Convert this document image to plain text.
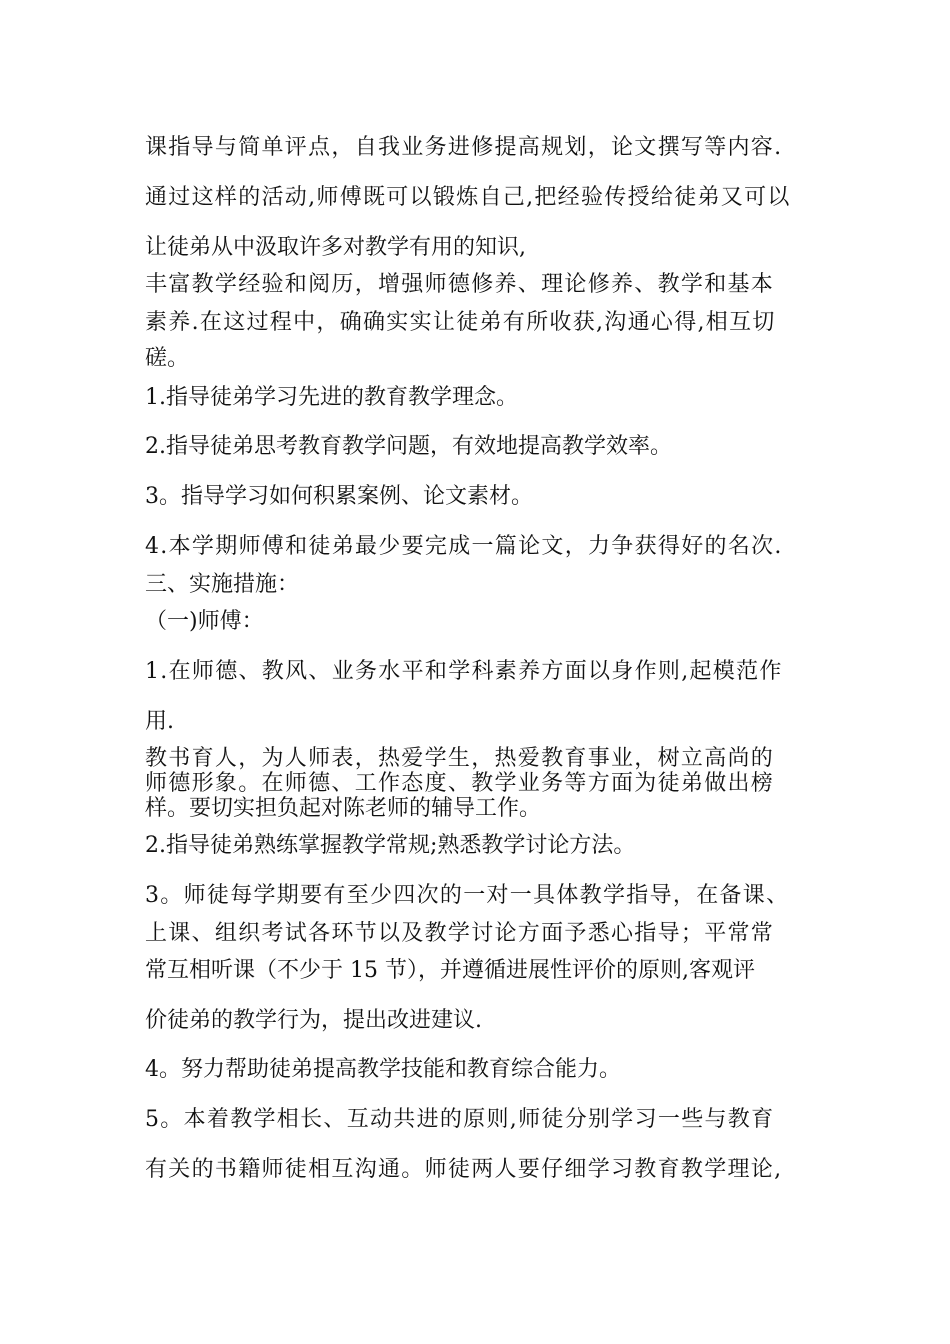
课指导与简单评点，自我业务进修提高规划，论文撰写等内容.
通过这样的活动,师傅既可以锻炼自己,把经验传授给徒弟又可以
让徒弟从中汲取许多对教学有用的知识,
丰富教学经验和阅历，增强师德修养、理论修养、教学和基本
素养.在这过程中，确确实实让徒弟有所收获,沟通心得,相互切
磋。
1.指导徒弟学习先进的教育教学理念。
2.指导徒弟思考教育教学问题，有效地提高教学效率。
3。指导学习如何积累案例、论文素材。
4.本学期师傅和徒弟最少要完成一篇论文，力争获得好的名次.
三、实施措施：
（一)师傅：
1.在师德、教风、业务水平和学科素养方面以身作则,起模范作
用.
教书育人，为人师表，热爱学生，热爱教育事业，树立高尚的
师德形象。在师德、工作态度、教学业务等方面为徒弟做出榜
样。要切实担负起对陈老师的辅导工作。
2.指导徒弟熟练掌握教学常规;熟悉教学讨论方法。
3。师徒每学期要有至少四次的一对一具体教学指导，在备课、
上课、组织考试各环节以及教学讨论方面予悉心指导；平常常
常互相听课（不少于 15 节），并遵循进展性评价的原则,客观评
价徒弟的教学行为，提出改进建议.
4。努力帮助徒弟提高教学技能和教育综合能力。
5。本着教学相长、互动共进的原则,师徒分别学习一些与教育
有关的书籍师徒相互沟通。师徒两人要仔细学习教育教学理论,
